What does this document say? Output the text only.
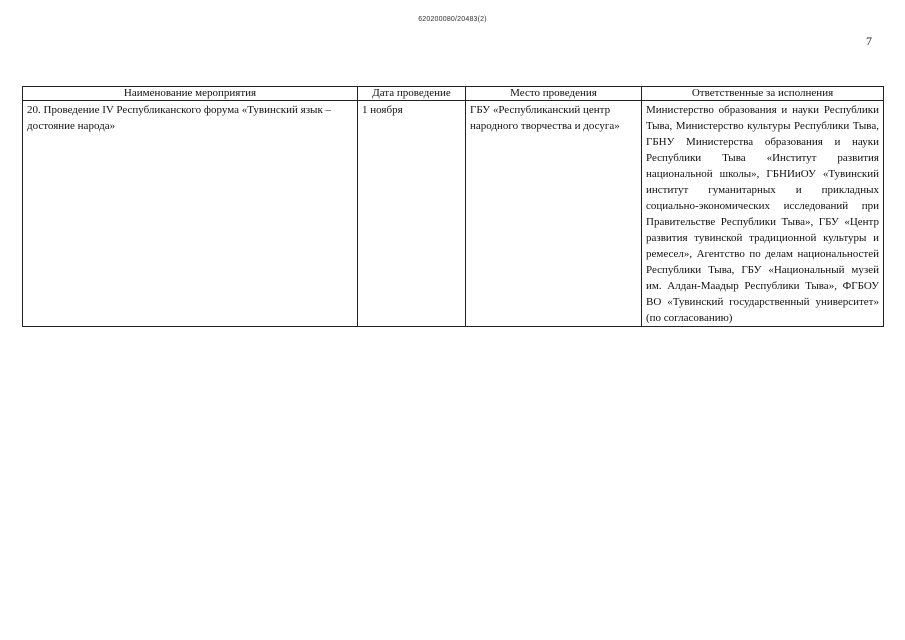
620200080/20483(2)
7
Наименование мероприятия	Дата проведение	Место проведения	Ответственные за исполнения
20. Проведение IV Республиканского форума «Тувинский язык – достояние народа»	1 ноября	ГБУ «Республиканский центр народного творчества и досуга»	Министерство образования и науки Республики Тыва, Министерство культуры Республики Тыва, ГБНУ Министерства образования и науки Республики Тыва «Институт развития национальной школы», ГБНИиОУ «Тувинский институт гуманитарных и прикладных социально-экономических исследований при Правительстве Республики Тыва», ГБУ «Центр развития тувинской традиционной культуры и ремесел», Агентство по делам национальностей Республики Тыва, ГБУ «Национальный музей им. Алдан-Маадыр Республики Тыва», ФГБОУ ВО «Тувинский государственный университет» (по согласованию)
